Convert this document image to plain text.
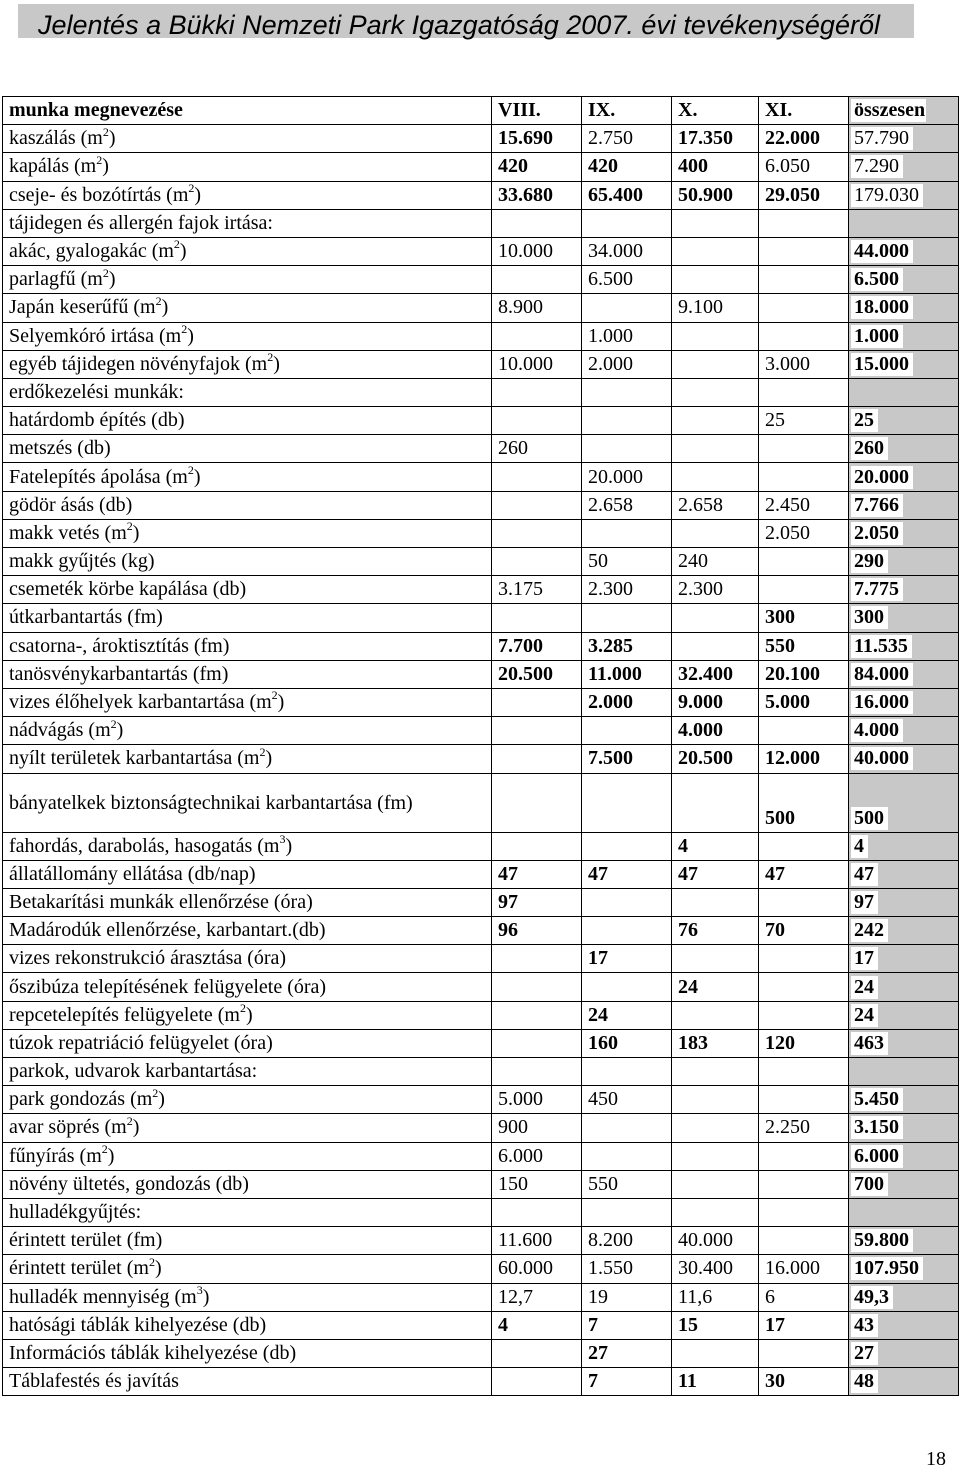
Jelentés a Bükki Nemzeti Park Igazgatóság 2007. évi tevékenységéről
munka megnevezése	VIII.	IX.	X.	XI.	összesen
kaszálás $(m^2)$	15.690	2.750	17.350	22.000	57.790
kapálás $(m^2)$	420	420	400	6.050	7.290
cseje- és bozótírtás $(m^2)$	33.680	65.400	50.900	29.050	179.030
tájidegen és allergén fajok irtása:					
akác, gyalogakác $(m^2)$	10.000	34.000			44.000
parlagfű $(m^2)$		6.500			6.500
Japán keserűfű $(m^2)$	8.900		9.100		18.000
Selyemkóró irtása $(m^2)$		1.000			1.000
egyéb tájidegen növényfajok $(m^2)$	10.000	2.000		3.000	15.000
erdőkezelési munkák:					
határdomb építés (db)				25	25
metszés (db)	260				260
Fatelepítés ápolása $(m^2)$		20.000			20.000
gödör ásás (db)		2.658	2.658	2.450	7.766
makk vetés $(m^2)$				2.050	2.050
makk gyűjtés (kg)		50	240		290
csemeték körbe kapálása (db)	3.175	2.300	2.300		7.775
útkarbantartás (fm)				300	300
csatorna-, ároktisztítás (fm)	7.700	3.285		550	11.535
tanösvénykarbantartás (fm)	20.500	11.000	32.400	20.100	84.000
vizes élőhelyek karbantartása $(m^2)$		2.000	9.000	5.000	16.000
nádvágás $(m^2)$			4.000		4.000
nyílt területek karbantartása $(m^2)$		7.500	20.500	12.000	40.000
bányatelkek biztonságtechnikai karbantartása (fm)				500	500
fahordás, darabolás, hasogatás $(m^3)$			4		4
állatállomány ellátása (db/nap)	47	47	47	47	47
Betakarítási munkák ellenőrzése (óra)	97				97
Madárodúk ellenőrzése, karbantart.(db)	96		76	70	242
vizes rekonstrukció árasztása (óra)		17			17
őszibúza telepítésének felügyelete (óra)			24		24
repcetelepítés felügyelete $(m^2)$		24			24
túzok repatriáció felügyelet (óra)		160	183	120	463
parkok, udvarok karbantartása:					
park gondozás $(m^2)$	5.000	450			5.450
avar söprés $(m^2)$	900			2.250	3.150
fűnyírás $(m^2)$	6.000				6.000
növény ültetés, gondozás (db)	150	550			700
hulladékgyűjtés:					
érintett terület (fm)	11.600	8.200	40.000		59.800
érintett terület $(m^2)$	60.000	1.550	30.400	16.000	107.950
hulladék mennyiség $(m^3)$	12,7	19	11,6	6	49,3
hatósági táblák kihelyezése (db)	4	7	15	17	43
Információs táblák kihelyezése (db)		27			27
Táblafestés és javítás		7	11	30	48
18
